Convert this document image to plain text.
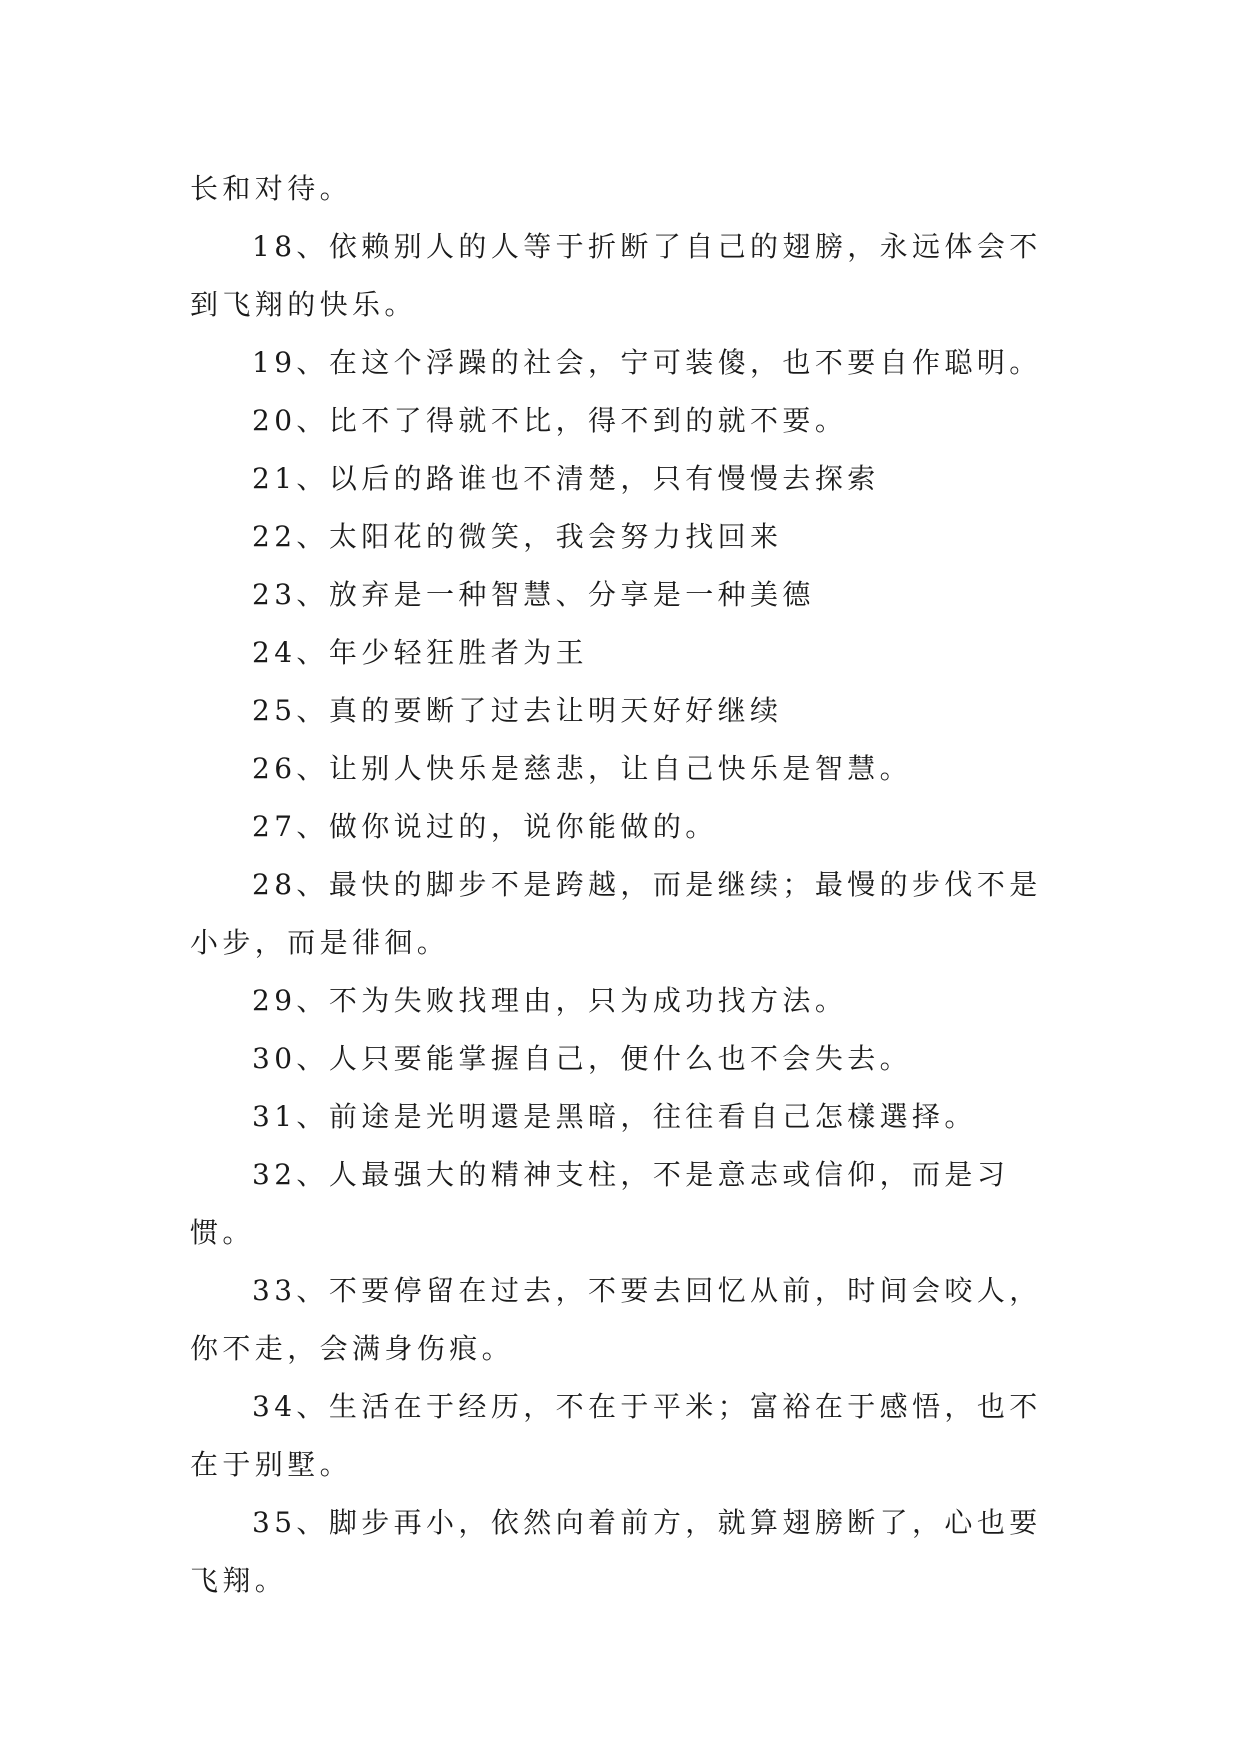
长和对待。

18、依赖别人的人等于折断了自己的翅膀，永远体会不到飞翔的快乐。

19、在这个浮躁的社会，宁可装傻，也不要自作聪明。

20、比不了得就不比，得不到的就不要。

21、以后的路谁也不清楚，只有慢慢去探索

22、太阳花的微笑，我会努力找回来

23、放弃是一种智慧、分享是一种美德

24、年少轻狂胜者为王

25、真的要断了过去让明天好好继续

26、让别人快乐是慈悲，让自己快乐是智慧。

27、做你说过的，说你能做的。

28、最快的脚步不是跨越，而是继续；最慢的步伐不是小步，而是徘徊。

29、不为失败找理由，只为成功找方法。

30、人只要能掌握自己，便什么也不会失去。

31、前途是光明還是黑暗，往往看自己怎樣選择。

32、人最强大的精神支柱，不是意志或信仰，而是习惯。

33、不要停留在过去，不要去回忆从前，时间会咬人，你不走，会满身伤痕。

34、生活在于经历，不在于平米；富裕在于感悟，也不在于别墅。

35、脚步再小，依然向着前方，就算翅膀断了，心也要飞翔。
